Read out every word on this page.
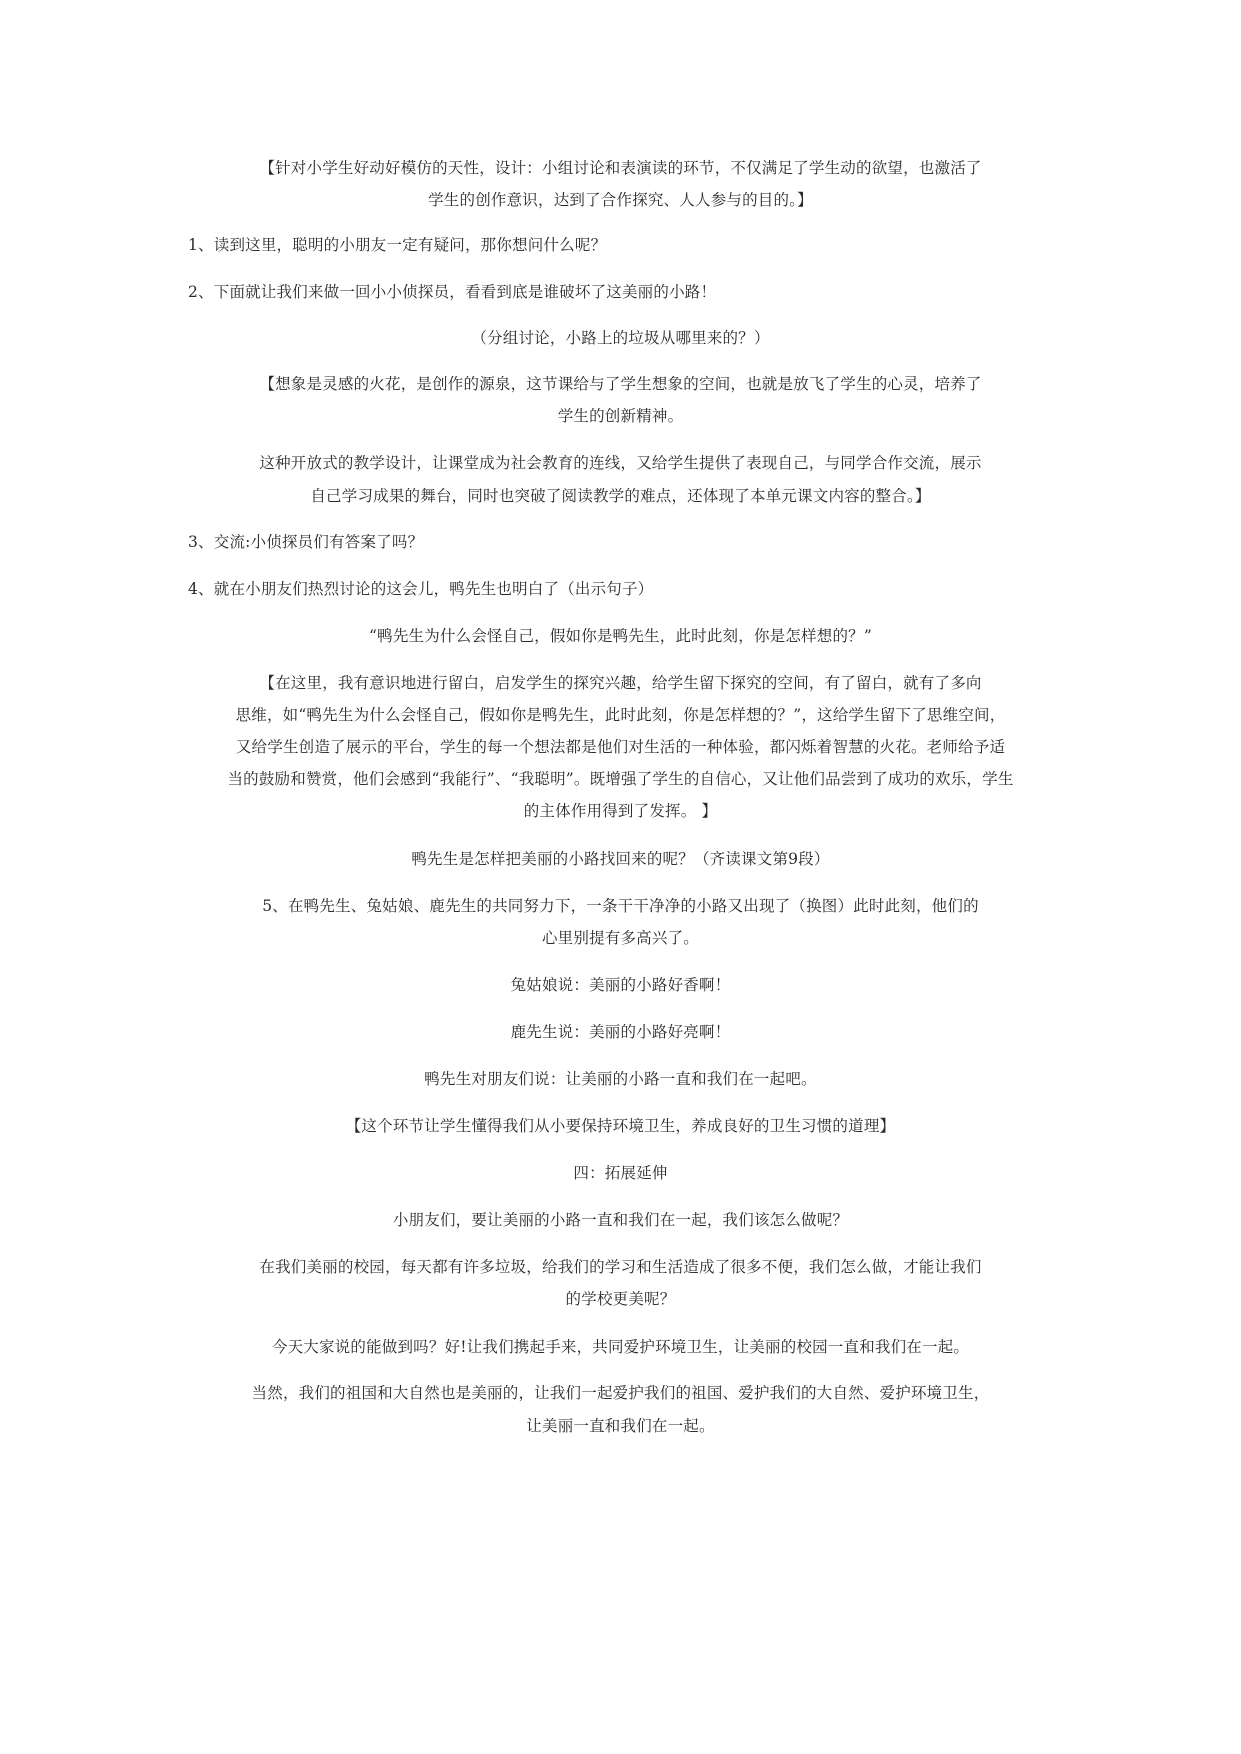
【针对小学生好动好模仿的天性，设计：小组讨论和表演读的环节，不仅满足了学生动的欲望，也激活了
学生的创作意识，达到了合作探究、人人参与的目的。】
1、读到这里，聪明的小朋友一定有疑问，那你想问什么呢？
2、下面就让我们来做一回小小侦探员，看看到底是谁破坏了这美丽的小路！
（分组讨论，小路上的垃圾从哪里来的？）
【想象是灵感的火花，是创作的源泉，这节课给与了学生想象的空间，也就是放飞了学生的心灵，培养了
学生的创新精神。
这种开放式的教学设计，让课堂成为社会教育的连线，又给学生提供了表现自己，与同学合作交流，展示
自己学习成果的舞台，同时也突破了阅读教学的难点，还体现了本单元课文内容的整合。】
3、交流:小侦探员们有答案了吗？
4、就在小朋友们热烈讨论的这会儿，鸭先生也明白了（出示句子）
“鸭先生为什么会怪自己，假如你是鸭先生，此时此刻，你是怎样想的？”
【在这里，我有意识地进行留白，启发学生的探究兴趣，给学生留下探究的空间，有了留白，就有了多向
思维，如“鸭先生为什么会怪自己，假如你是鸭先生，此时此刻，你是怎样想的？”，这给学生留下了思维空间，
又给学生创造了展示的平台，学生的每一个想法都是他们对生活的一种体验，都闪烁着智慧的火花。老师给予适
当的鼓励和赞赏，他们会感到“我能行”、“我聪明”。既增强了学生的自信心，又让他们品尝到了成功的欢乐，学生
的主体作用得到了发挥。 】
鸭先生是怎样把美丽的小路找回来的呢？（齐读课文第9段）
5、在鸭先生、兔姑娘、鹿先生的共同努力下，一条干干净净的小路又出现了（换图）此时此刻，他们的
心里别提有多高兴了。
兔姑娘说：美丽的小路好香啊！
鹿先生说：美丽的小路好亮啊！
鸭先生对朋友们说：让美丽的小路一直和我们在一起吧。
【这个环节让学生懂得我们从小要保持环境卫生，养成良好的卫生习惯的道理】
四：拓展延伸
小朋友们，要让美丽的小路一直和我们在一起，我们该怎么做呢？
在我们美丽的校园，每天都有许多垃圾，给我们的学习和生活造成了很多不便，我们怎么做，才能让我们
的学校更美呢？
今天大家说的能做到吗？好!让我们携起手来，共同爱护环境卫生，让美丽的校园一直和我们在一起。
当然，我们的祖国和大自然也是美丽的，让我们一起爱护我们的祖国、爱护我们的大自然、爱护环境卫生，
让美丽一直和我们在一起。
